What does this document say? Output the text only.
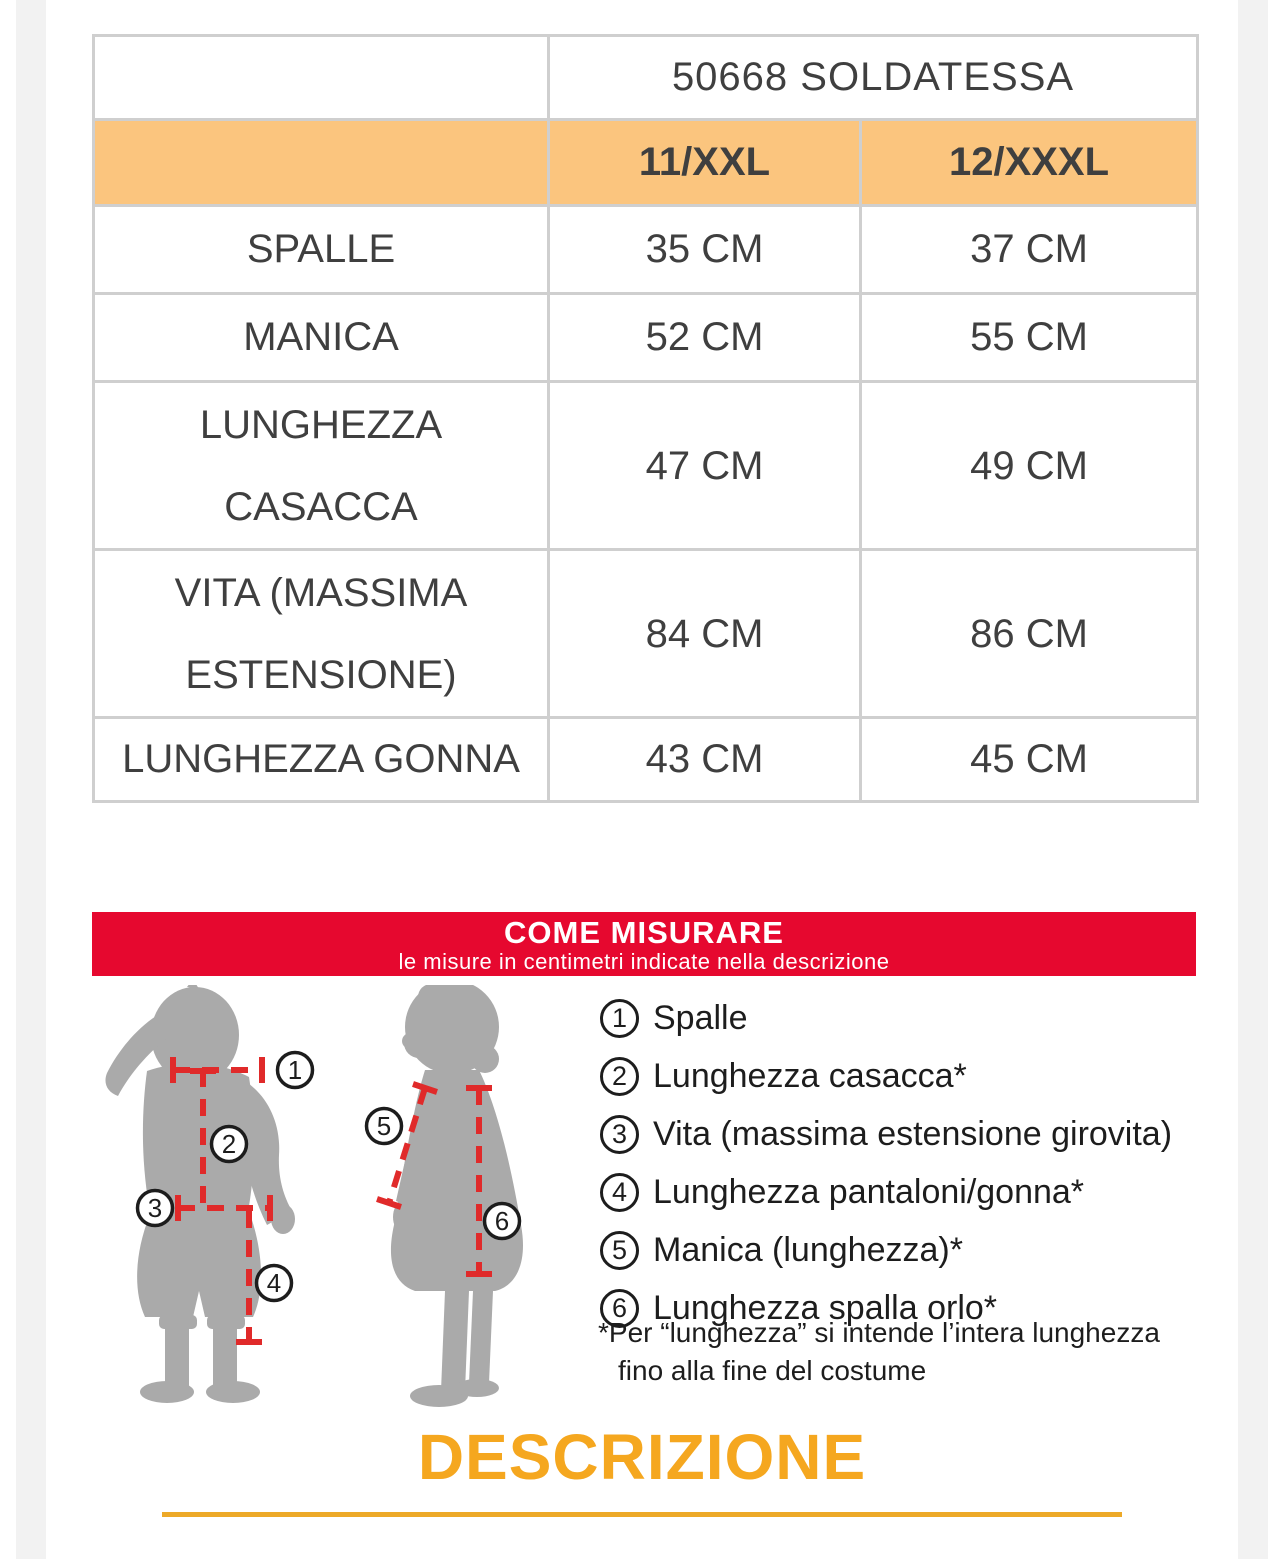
	50668 SOLDATESSA	
	11/XXL	12/XXXL
SPALLE	35 CM	37 CM
MANICA	52 CM	55 CM
LUNGHEZZA CASACCA	47 CM	49 CM
VITA (MASSIMA ESTENSIONE)	84 CM	86 CM
LUNGHEZZA GONNA	43 CM	45 CM
COME MISURARE
le misure in centimetri indicate nella descrizione
1
2
3
4
5
6
1 Spalle
2 Lunghezza casacca*
3 Vita (massima estensione girovita)
4 Lunghezza pantaloni/gonna*
5 Manica (lunghezza)*
6 Lunghezza spalla orlo*
*Per “lunghezza” si intende l’intera lunghezza
fino alla fine del costume
DESCRIZIONE
